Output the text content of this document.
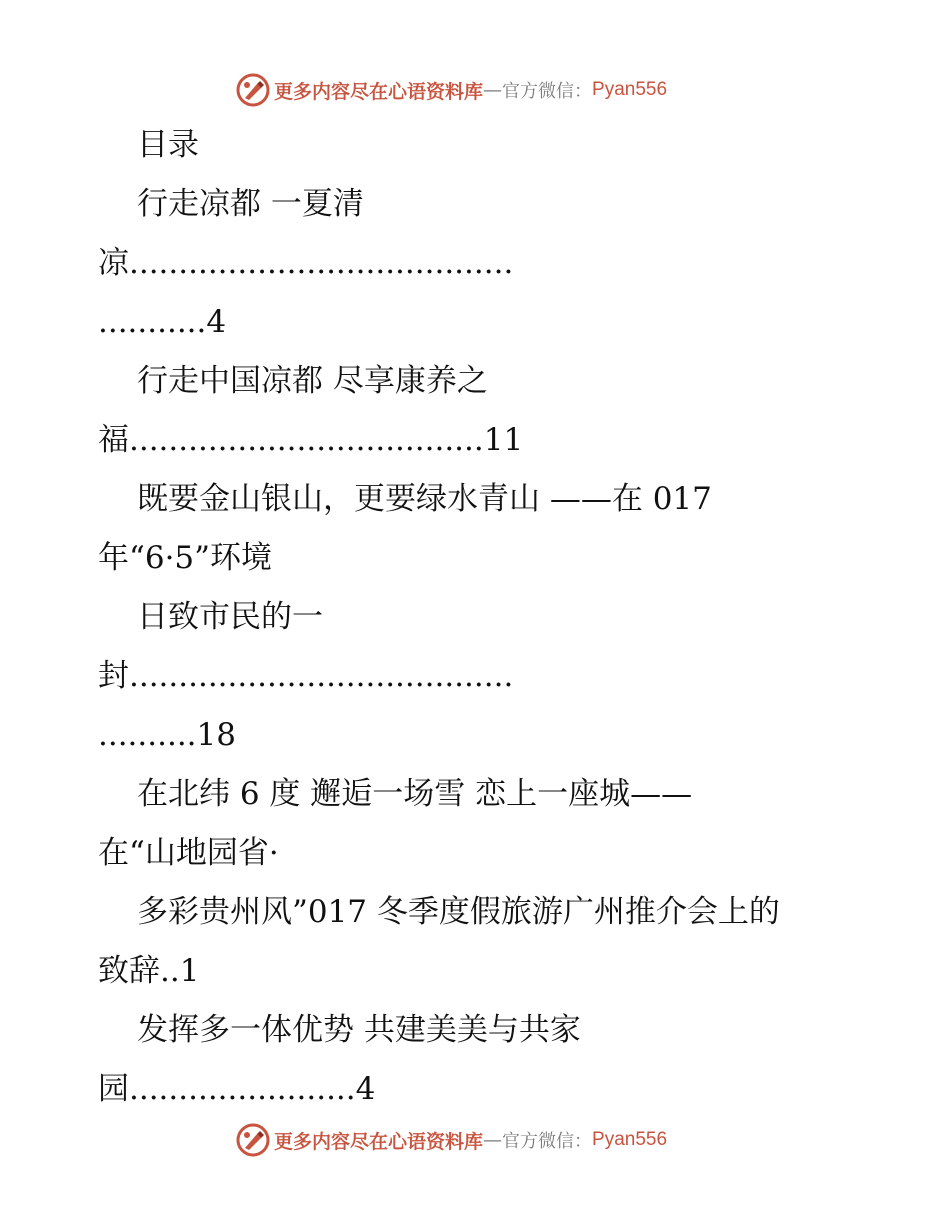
更多内容尽在心语资料库 — 官方微信： Pyan556

目录

行走凉都 一夏清

凉.......................................

...........4

行走中国凉都 尽享康养之

福....................................11

既要金山银山，更要绿水青山 ——在 017

年“6·5”环境

日致市民的一

封.......................................

..........18

在北纬 6 度 邂逅一场雪 恋上一座城——

在“山地园省·

多彩贵州风”017 冬季度假旅游广州推介会上的

致辞..1

发挥多一体优势 共建美美与共家

园.......................4

更多内容尽在心语资料库 — 官方微信： Pyan556
